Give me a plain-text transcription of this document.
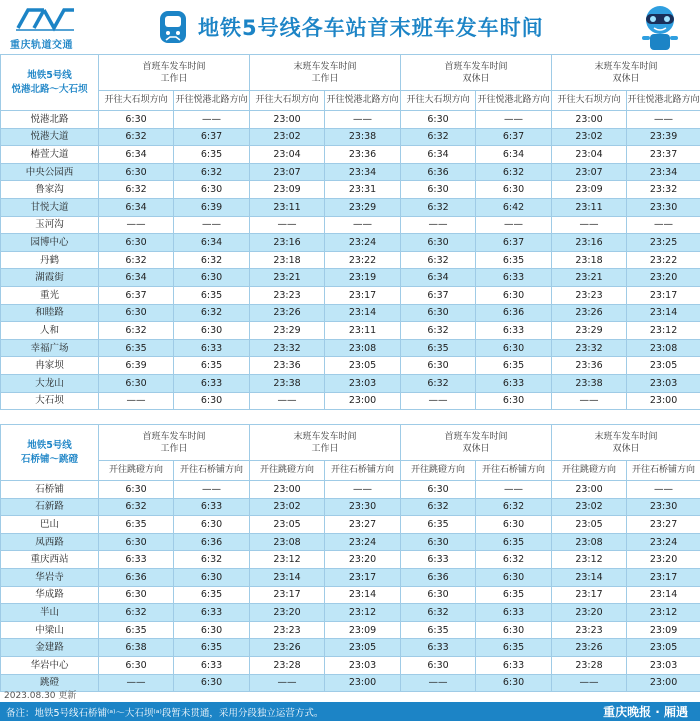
重庆轨道交通
地铁5号线各车站首末班车发车时间
地铁5号线
悦港北路～大石坝	首班车发车时间
工作日		末班车发车时间
工作日		首班车发车时间
双休日		末班车发车时间
双休日	
	开往大石坝方向	开往悦港北路方向	开往大石坝方向	开往悦港北路方向	开往大石坝方向	开往悦港北路方向	开往大石坝方向	开往悦港北路方向
悦港北路	6:30	——	23:00	——	6:30	——	23:00	——
悦港大道	6:32	6:37	23:02	23:38	6:32	6:37	23:02	23:39
椿萱大道	6:34	6:35	23:04	23:36	6:34	6:34	23:04	23:37
中央公园西	6:30	6:32	23:07	23:34	6:36	6:32	23:07	23:34
鲁家沟	6:32	6:30	23:09	23:31	6:30	6:30	23:09	23:32
甘悦大道	6:34	6:39	23:11	23:29	6:32	6:42	23:11	23:30
玉河沟	——	——	——	——	——	——	——	——
园博中心	6:30	6:34	23:16	23:24	6:30	6:37	23:16	23:25
丹鹤	6:32	6:32	23:18	23:22	6:32	6:35	23:18	23:22
湖霞街	6:34	6:30	23:21	23:19	6:34	6:33	23:21	23:20
重光	6:37	6:35	23:23	23:17	6:37	6:30	23:23	23:17
和睦路	6:30	6:32	23:26	23:14	6:30	6:36	23:26	23:14
人和	6:32	6:30	23:29	23:11	6:32	6:33	23:29	23:12
幸福广场	6:35	6:33	23:32	23:08	6:35	6:30	23:32	23:08
冉家坝	6:39	6:35	23:36	23:05	6:30	6:35	23:36	23:05
大龙山	6:30	6:33	23:38	23:03	6:32	6:33	23:38	23:03
大石坝	——	6:30	——	23:00	——	6:30	——	23:00
地铁5号线
石桥铺～跳磴	首班车发车时间
工作日		末班车发车时间
工作日		首班车发车时间
双休日		末班车发车时间
双休日	
	开往跳磴方向	开往石桥铺方向	开往跳磴方向	开往石桥铺方向	开往跳磴方向	开往石桥铺方向	开往跳磴方向	开往石桥铺方向
石桥铺	6:30	——	23:00	——	6:30	——	23:00	——
石新路	6:32	6:33	23:02	23:30	6:32	6:32	23:02	23:30
巴山	6:35	6:30	23:05	23:27	6:35	6:30	23:05	23:27
凤西路	6:30	6:36	23:08	23:24	6:30	6:35	23:08	23:24
重庆西站	6:33	6:32	23:12	23:20	6:33	6:32	23:12	23:20
华岩寺	6:36	6:30	23:14	23:17	6:36	6:30	23:14	23:17
华成路	6:30	6:35	23:17	23:14	6:30	6:35	23:17	23:14
半山	6:32	6:33	23:20	23:12	6:32	6:33	23:20	23:12
中梁山	6:35	6:30	23:23	23:09	6:35	6:30	23:23	23:09
金建路	6:38	6:35	23:26	23:05	6:33	6:35	23:26	23:05
华岩中心	6:30	6:33	23:28	23:03	6:30	6:33	23:28	23:03
跳磴	——	6:30	——	23:00	——	6:30	——	23:00
2023.08.30 更新
备注：地铁5号线石桥铺⁽ᵃ⁾～大石坝⁽ᵃ⁾段暂未贯通，采用分段独立运营方式。	重庆晚报 · 厢遇
